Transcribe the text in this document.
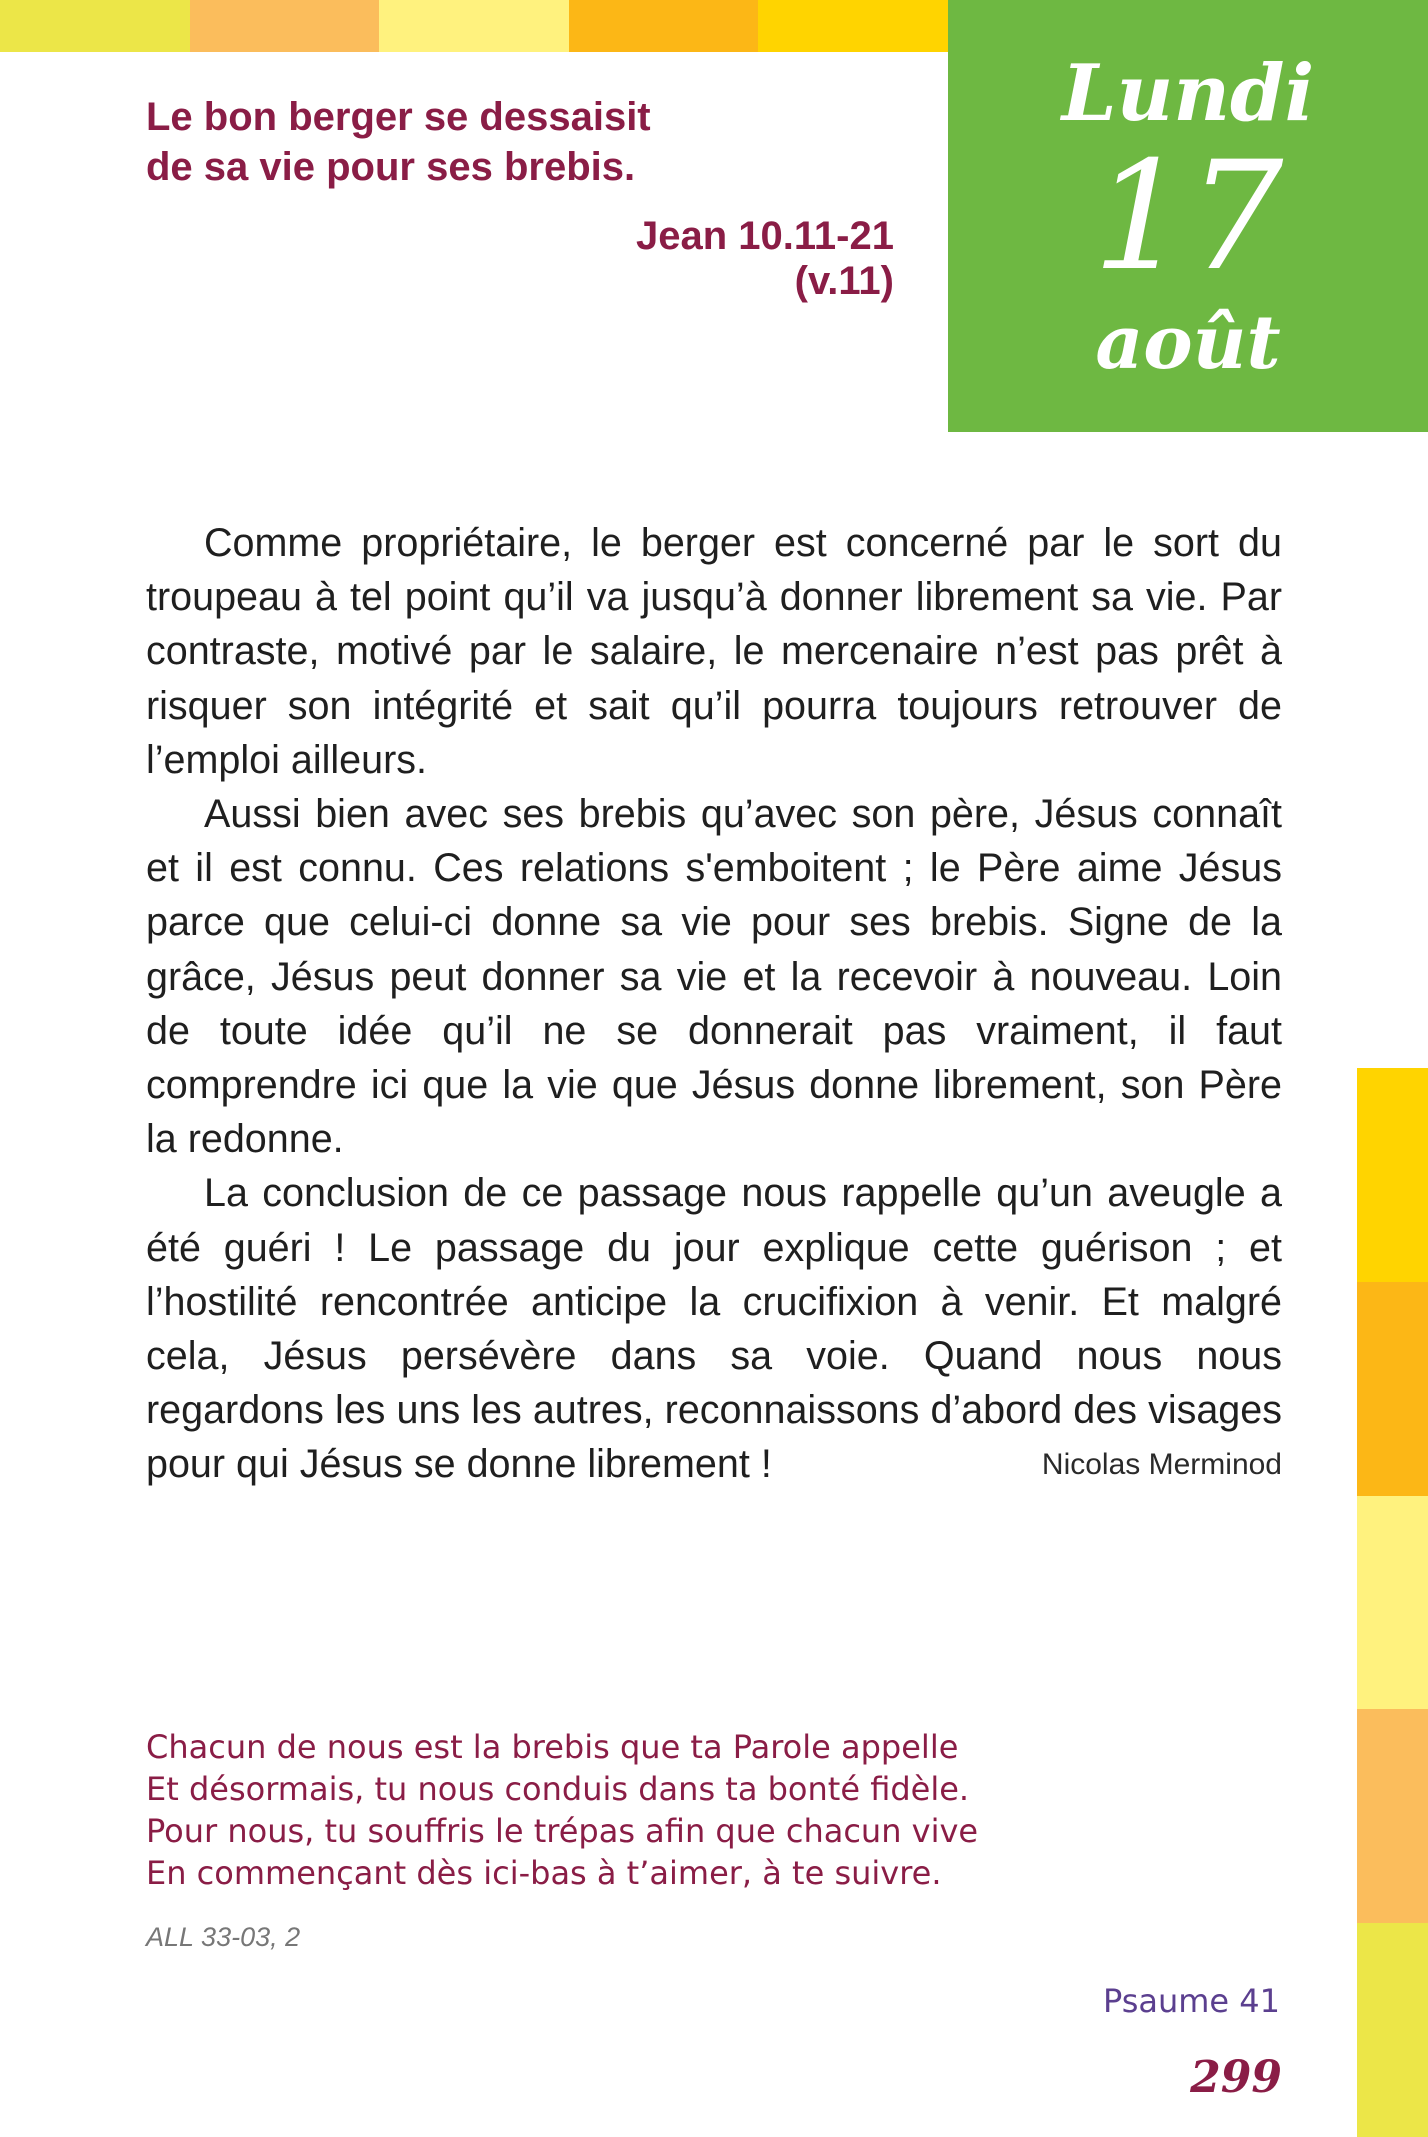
Lundi
17
août
Le bon berger se dessaisit
de sa vie pour ses brebis.
Jean 10.11-21 (v.11)

Comme propriétaire, le berger est concerné par le sort du troupeau à tel point qu’il va jusqu’à donner librement sa vie. Par contraste, motivé par le salaire, le mercenaire n’est pas prêt à risquer son intégrité et sait qu’il pourra toujours retrouver de l’emploi ailleurs.

Aussi bien avec ses brebis qu’avec son père, Jésus connaît et il est connu. Ces relations s'emboitent ; le Père aime Jésus parce que celui-ci donne sa vie pour ses brebis. Signe de la grâce, Jésus peut donner sa vie et la recevoir à nouveau. Loin de toute idée qu’il ne se donnerait pas vraiment, il faut comprendre ici que la vie que Jésus donne librement, son Père la redonne.

La conclusion de ce passage nous rappelle qu’un aveugle a été guéri ! Le passage du jour explique cette guérison ; et l’hostilité rencontrée anticipe la crucifixion à venir. Et malgré cela, Jésus persévère dans sa voie. Quand nous nous regardons les uns les autres, reconnaissons d’abord des visages pour qui Jésus se donne librement !	Nicolas Merminod
Chacun de nous est la brebis que ta Parole appelle
Et désormais, tu nous conduis dans ta bonté fidèle.
Pour nous, tu souffris le trépas afin que chacun vive
En commençant dès ici-bas à t’aimer, à te suivre.
ALL 33-03, 2
Psaume 41
299
